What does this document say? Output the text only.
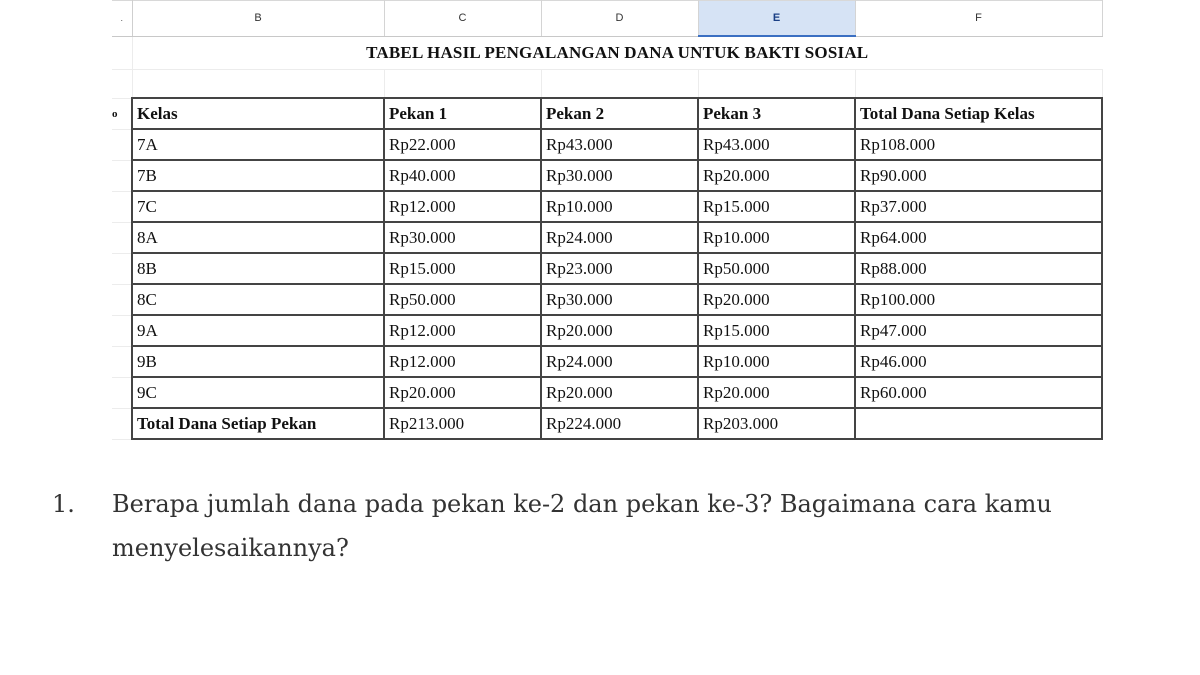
.	B	C	D	E	F
	TABEL HASIL PENGALANGAN DANA UNTUK BAKTI SOSIAL				

o	Kelas	Pekan 1	Pekan 2	Pekan 3	Total Dana Setiap Kelas
	7A	Rp22.000	Rp43.000	Rp43.000	Rp108.000
	7B	Rp40.000	Rp30.000	Rp20.000	Rp90.000
	7C	Rp12.000	Rp10.000	Rp15.000	Rp37.000
	8A	Rp30.000	Rp24.000	Rp10.000	Rp64.000
	8B	Rp15.000	Rp23.000	Rp50.000	Rp88.000
	8C	Rp50.000	Rp30.000	Rp20.000	Rp100.000
	9A	Rp12.000	Rp20.000	Rp15.000	Rp47.000
	9B	Rp12.000	Rp24.000	Rp10.000	Rp46.000
	9C	Rp20.000	Rp20.000	Rp20.000	Rp60.000
	Total Dana Setiap Pekan	Rp213.000	Rp224.000	Rp203.000	
1. Berapa jumlah dana pada pekan ke-2 dan pekan ke-3? Bagaimana cara kamu menyelesaikannya?
